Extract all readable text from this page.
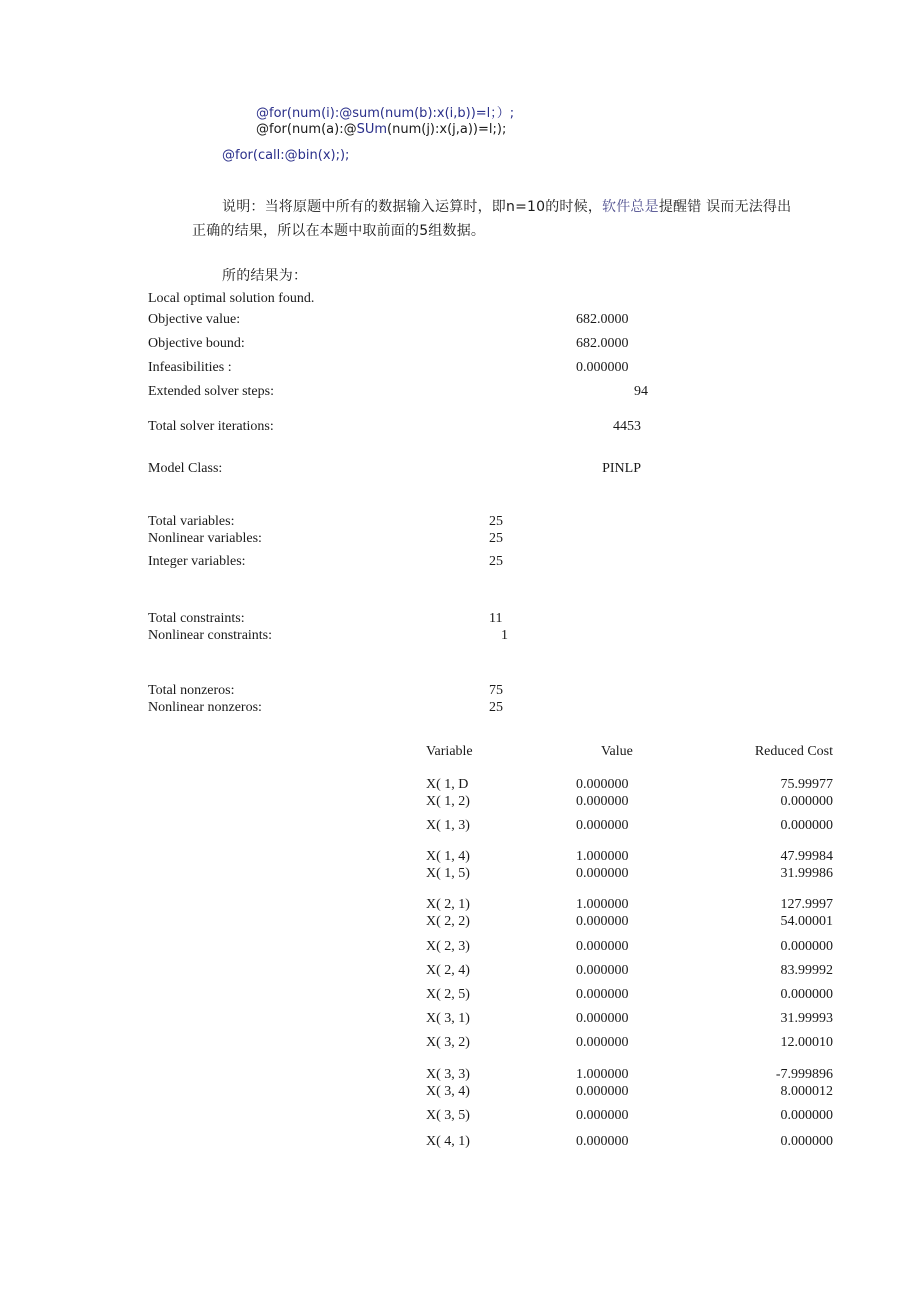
@for(num(i):@sum(num(b):x(i,b))=l；）;
@for(num(a):@SUm(num(j):x(j,a))=l;);
@for(call:@bin(x););
说明：当将原题中所有的数据输入运算时，即n=10的时候，软件总是提醒错 误而无法得出
正确的结果，所以在本题中取前面的5组数据。
所的结果为：
Local optimal solution found.
Objective value:	682.0000
Objective bound:	682.0000
Infeasibilities :	0.000000
Extended solver steps:	94
Total solver iterations:	4453
Model Class:	PINLP
Total variables:	25
Nonlinear variables:	25
Integer variables:	25
Total constraints:	11
Nonlinear constraints:	1
Total nonzeros:	75
Nonlinear nonzeros:	25
Variable	Value	Reduced Cost
X( 1, D	0.000000	75.99977
X( 1, 2)	0.000000	0.000000
X( 1, 3)	0.000000	0.000000
X( 1, 4)	1.000000	47.99984
X( 1, 5)	0.000000	31.99986
X( 2, 1)	1.000000	127.9997
X( 2, 2)	0.000000	54.00001
X( 2, 3)	0.000000	0.000000
X( 2, 4)	0.000000	83.99992
X( 2, 5)	0.000000	0.000000
X( 3, 1)	0.000000	31.99993
X( 3, 2)	0.000000	12.00010
X( 3, 3)	1.000000	-7.999896
X( 3, 4)	0.000000	8.000012
X( 3, 5)	0.000000	0.000000
X( 4, 1)	0.000000	0.000000
